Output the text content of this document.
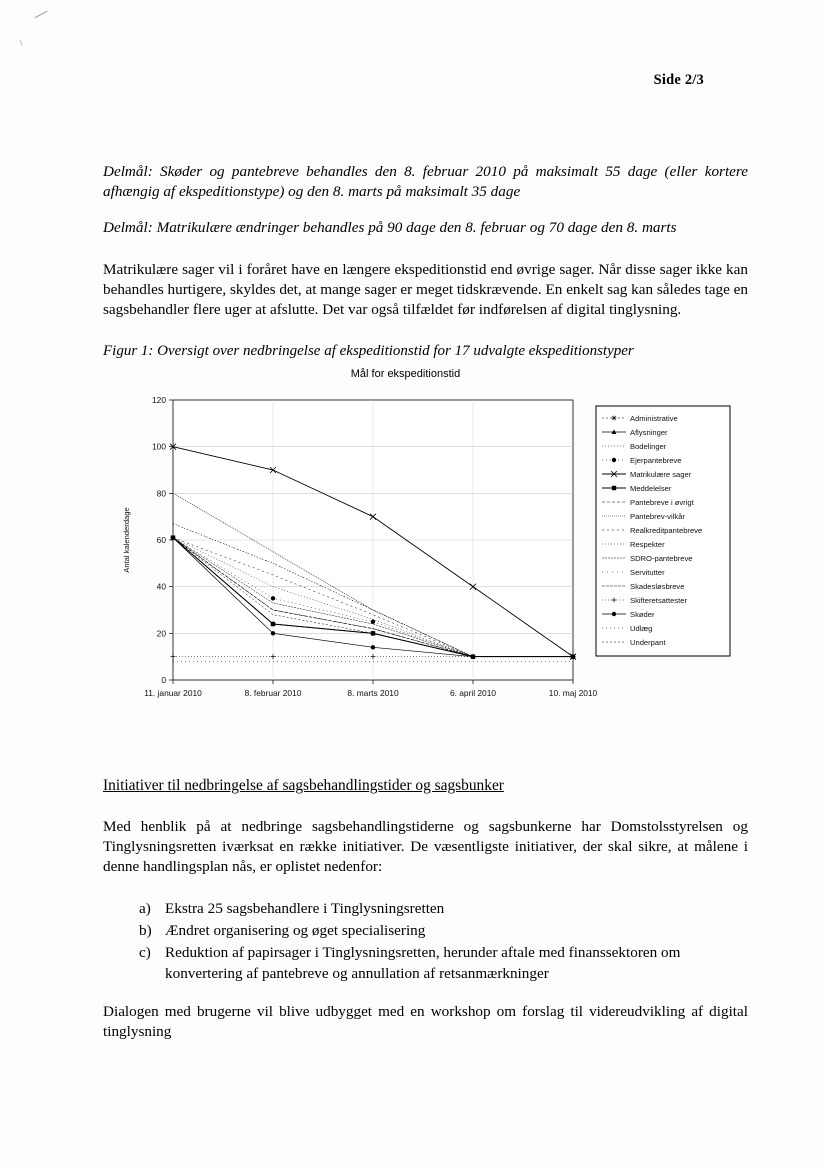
Side 2/3

Delmål: Skøder og pantebreve behandles den 8. februar 2010 på maksimalt 55 dage (eller kortere afhængig af ekspeditionstype) og den 8. marts på maksimalt 35 dage

Delmål: Matrikulære ændringer behandles på 90 dage den 8. februar og 70 dage den 8. marts

Matrikulære sager vil i foråret have en længere ekspeditionstid end øvrige sager. Når disse sager ikke kan behandles hurtigere, skyldes det, at mange sager er meget tidskrævende. En enkelt sag kan således tage en sagsbehandler flere uger at afslutte. Det var også tilfældet før indførelsen af digital tinglysning.

Figur 1: Oversigt over nedbringelse af ekspeditionstid for 17 udvalgte ekspeditionstyper

Mål for ekspeditionstid
0
20
40
60
80
100
120
11. januar 2010	8. februar 2010	8. marts 2010	6. april 2010	10. maj 2010
Antal kalenderdage
Administrative
Aflysninger
Bodelinger
Ejerpantebreve
Matrikulære sager
Meddelelser
Pantebreve i øvrigt
Pantebrev-vilkår
Realkreditpantebreve
Respekter
SDRO-pantebreve
Servitutter
Skadesløsbreve
Skifteretsattester
Skøder
Udlæg
Underpant

Initiativer til nedbringelse af sagsbehandlingstider og sagsbunker

Med henblik på at nedbringe sagsbehandlingstiderne og sagsbunkerne har Domstolsstyrelsen og Tinglysningsretten iværksat en række initiativer. De væsentligste initiativer, der skal sikre, at målene i denne handlingsplan nås, er oplistet nedenfor:

a) Ekstra 25 sagsbehandlere i Tinglysningsretten
b) Ændret organisering og øget specialisering
c) Reduktion af papirsager i Tinglysningsretten, herunder aftale med finanssektoren om konvertering af pantebreve og annullation af retsanmærkninger

Dialogen med brugerne vil blive udbygget med en workshop om forslag til videreudvikling af digital tinglysning
